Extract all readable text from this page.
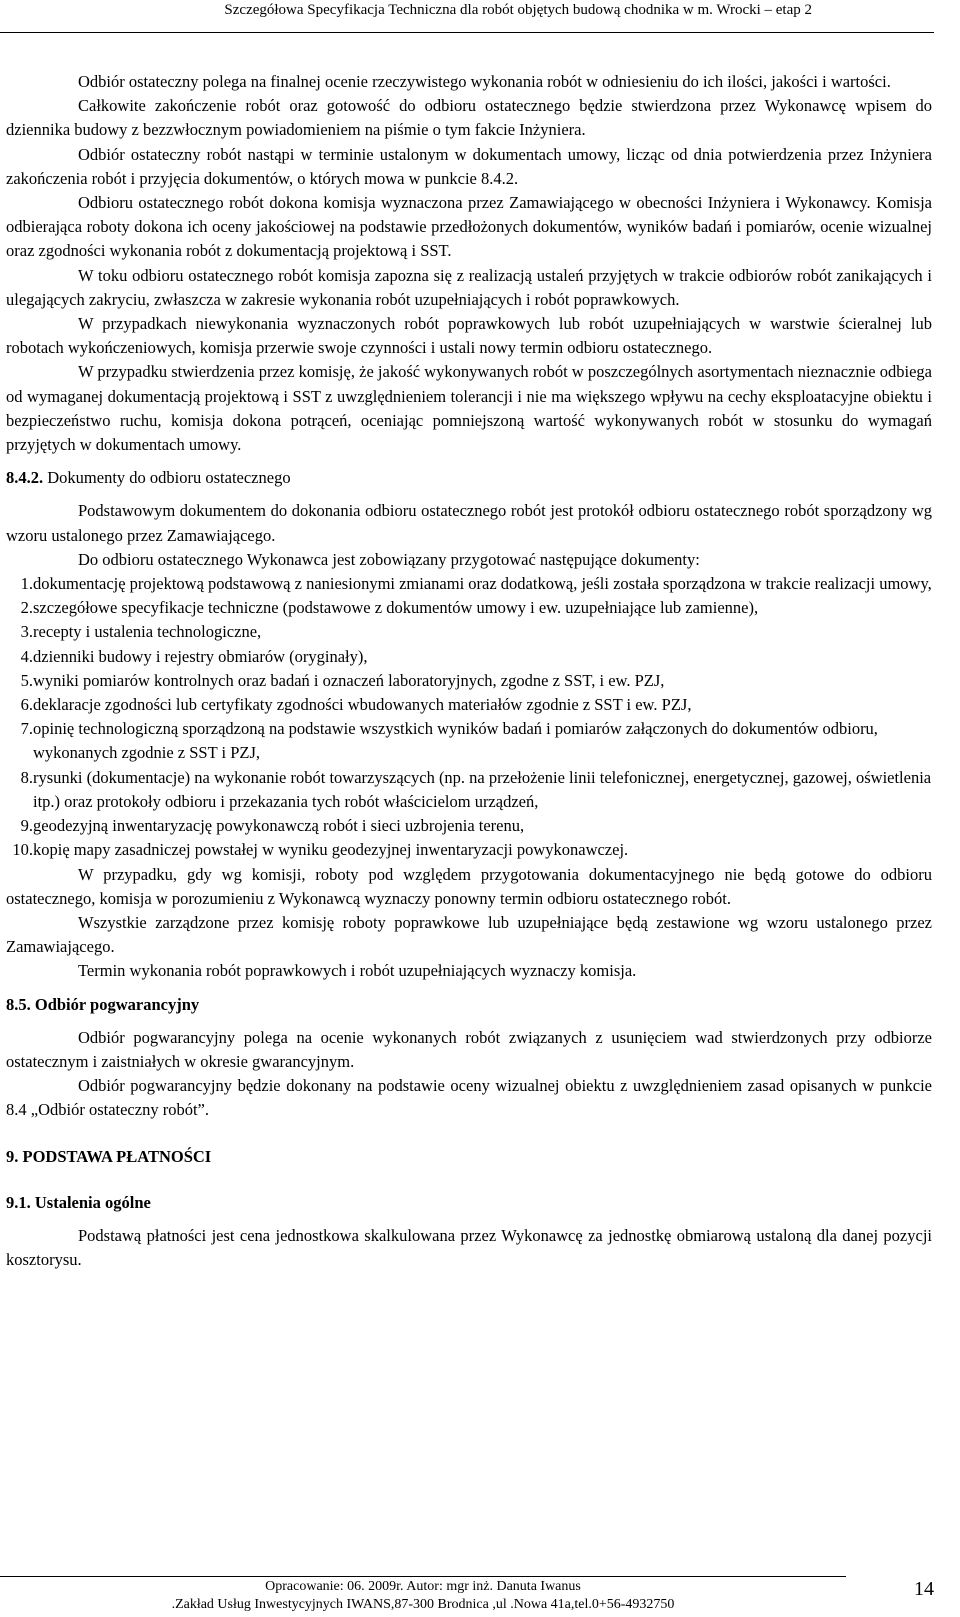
Szczegółowa Specyfikacja Techniczna dla robót objętych budową chodnika w m. Wrocki – etap 2

Odbiór ostateczny polega na finalnej ocenie rzeczywistego wykonania robót w odniesieniu do ich ilości, jakości i wartości.

Całkowite zakończenie robót oraz gotowość do odbioru ostatecznego będzie stwierdzona przez Wykonawcę wpisem do dziennika budowy z bezzwłocznym powiadomieniem na piśmie o tym fakcie Inżyniera.

Odbiór ostateczny robót nastąpi w terminie ustalonym w dokumentach umowy, licząc od dnia potwierdzenia przez Inżyniera zakończenia robót i przyjęcia dokumentów, o których mowa w punkcie 8.4.2.

Odbioru ostatecznego robót dokona komisja wyznaczona przez Zamawiającego w obecności Inżyniera i Wykonawcy. Komisja odbierająca roboty dokona ich oceny jakościowej na podstawie przedłożonych dokumentów, wyników badań i pomiarów, ocenie wizualnej oraz zgodności wykonania robót z dokumentacją projektową i SST.

W toku odbioru ostatecznego robót komisja zapozna się z realizacją ustaleń przyjętych w trakcie odbiorów robót zanikających i ulegających zakryciu, zwłaszcza w zakresie wykonania robót uzupełniających i robót poprawkowych.

W przypadkach niewykonania wyznaczonych robót poprawkowych lub robót uzupełniających w warstwie ścieralnej lub robotach wykończeniowych, komisja przerwie swoje czynności i ustali nowy termin odbioru ostatecznego.

W przypadku stwierdzenia przez komisję, że jakość wykonywanych robót w poszczególnych asortymentach nieznacznie odbiega od wymaganej dokumentacją projektową i SST z uwzględnieniem tolerancji i nie ma większego wpływu na cechy eksploatacyjne obiektu i bezpieczeństwo ruchu, komisja dokona potrąceń, oceniając pomniejszoną wartość wykonywanych robót w stosunku do wymagań przyjętych w dokumentach umowy.

8.4.2. Dokumenty do odbioru ostatecznego

Podstawowym dokumentem do dokonania odbioru ostatecznego robót jest protokół odbioru ostatecznego robót sporządzony wg wzoru ustalonego przez Zamawiającego.

Do odbioru ostatecznego Wykonawca jest zobowiązany przygotować następujące dokumenty:

1. dokumentację projektową podstawową z naniesionymi zmianami oraz dodatkową, jeśli została sporządzona w trakcie realizacji umowy,
2. szczegółowe specyfikacje techniczne (podstawowe z dokumentów umowy i ew. uzupełniające lub zamienne),
3. recepty i ustalenia technologiczne,
4. dzienniki budowy i rejestry obmiarów (oryginały),
5. wyniki pomiarów kontrolnych oraz badań i oznaczeń laboratoryjnych, zgodne z SST, i ew. PZJ,
6. deklaracje zgodności lub certyfikaty zgodności wbudowanych materiałów zgodnie z SST i ew. PZJ,
7. opinię technologiczną sporządzoną na podstawie wszystkich wyników badań i pomiarów załączonych do dokumentów odbioru, wykonanych zgodnie z SST i PZJ,
8. rysunki (dokumentacje) na wykonanie robót towarzyszących (np. na przełożenie linii telefonicznej, energetycznej, gazowej, oświetlenia itp.) oraz protokoły odbioru i przekazania tych robót właścicielom urządzeń,
9. geodezyjną inwentaryzację powykonawczą robót i sieci uzbrojenia terenu,
10. kopię mapy zasadniczej powstałej w wyniku geodezyjnej inwentaryzacji powykonawczej.

W przypadku, gdy wg komisji, roboty pod względem przygotowania dokumentacyjnego nie będą gotowe do odbioru ostatecznego, komisja w porozumieniu z Wykonawcą wyznaczy ponowny termin odbioru ostatecznego robót.

Wszystkie zarządzone przez komisję roboty poprawkowe lub uzupełniające będą zestawione wg wzoru ustalonego przez Zamawiającego.

Termin wykonania robót poprawkowych i robót uzupełniających wyznaczy komisja.

8.5. Odbiór pogwarancyjny

Odbiór pogwarancyjny polega na ocenie wykonanych robót związanych z usunięciem wad stwierdzonych przy odbiorze ostatecznym i zaistniałych w okresie gwarancyjnym.

Odbiór pogwarancyjny będzie dokonany na podstawie oceny wizualnej obiektu z uwzględnieniem zasad opisanych w punkcie 8.4 „Odbiór ostateczny robót”.

9. PODSTAWA PŁATNOŚCI
9.1. Ustalenia ogólne

Podstawą płatności jest cena jednostkowa skalkulowana przez Wykonawcę za jednostkę obmiarową ustaloną dla danej pozycji kosztorysu.

Opracowanie: 06. 2009r. Autor: mgr inż. Danuta Iwanus
.Zakład Usług Inwestycyjnych IWANS,87-300 Brodnica ,ul .Nowa 41a,tel.0+56-4932750
14
